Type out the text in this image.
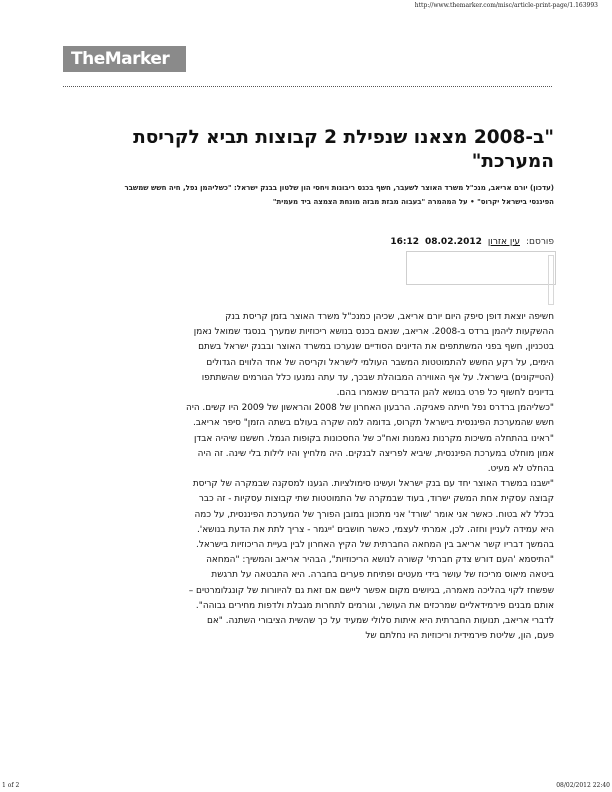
http://www.themarker.com/misc/article-print-page/1.163993
The Marker
"ב-2008 מצאנו שנפילת 2 קבוצות תביא לקריסת המערכת"
(עדכון) יורם אריאב, מנכ"ל משרד האוצר לשעבר, חשף בכנס ריבונות ויחסי הון שלטון בבנק ישראל: "כשליהמן נפל, חיה חשש שמשבר הפיננסי בישראל יקרוס" • על המהמרה "בעבוה מבזת מבזה מונחת הצמצה ביד מעמית"
פורסם:
עין אזרון
08.02.2012
16:12

חשיפה יוצאת דופן סיפק היום יורם אריאב, שכיהן כמנכ"ל משרד האוצר בזמן קריסת בנק ההשקעות ליהמן ברדס ב-2008. אריאב, שנאם בכנס בנושא ריכוזיות שמערך בנסגד שמואל נאמן בטכניון, חשף בפני המשתתפים את הדיונים הסודיים שנערכו במשרד האוצר ובבנק ישראל בשתם הימים, על רקע החשש להתמוטטות המשבר העולמי לישראל וקריסה של אחד הלווים הגדולים (הטייקונים) בישראל. על אף האווירה המבוהלת שבכך, עד עתה נמנעו כלל הגורמים שהשתתפו בדיונים לחשוף כל פרט בנושא להגן הדברים שנאמרו בהם.

"כשליהמן ברדרס נפל חייתה פאניקה. הרבעון האחרון של 2008 והראשון של 2009 היו קשים. היה חשש שהמערכת הפיננסית בישראל תקרוס, בדומה למה שקרה בעולם בשתה הזמן" סיפר אריאב. "ראינו בהתחלה משיכות מקרנות נאמנות ואח"כ של החסכונות בקופות הגמל. חששנו שיהיה אבדן אמון מוחלט במערכת הפיננסית, שיביא לפריצה לבנקים. היה מלחיץ והיו לילות בלי שינה. זה היה בהחלט לא מעיט.

"ישבנו במשרד האוצר יחד עם בנק ישראל ועשינו סימולציות. הגענו למסקנה שבמקרה של קריסת קבוצה עסקית אחת המשק ישרוד, בעוד שבמקרה של התמוטטות שתי קבוצות עסקיות - זה כבר בכלל לא בטוח. כאשר אני אומר 'שורד' אני מתכוון במובן הפורך של המערכת הפיננסית, על כמה היא עמידה לעניין וחזה. לכן, אמרתי לעצמי, כאשר חושבים 'ייגמר - צריך לתת את הדעת בנושא'.

בהמשך דבריו קשר אריאב בין המחאה החברתית של הקיץ האחרון לבין בעיית הריכוזיות בישראל. "התיסמא 'העם דורש צדק חברתי' קשורה לנושא הריכוזיות", הבהיר אריאב והמשיך: "המחאה ביטאה מיאוס מריכוז של עושר בידי מעטים ופתיחת פערים בחברה. היא התבטאה על תרגשת שפשחז לקוי בהליכה מאמרה, בגיושים מקום אפשר ליישם אם זאת גם להיוורות של קונגלומרטים – אותם מבנים פירמידאליים שמרכזים את העושר, וגורמים לתחרות מגבלת ולדפות מחירים גבוהה".

לדברי אריאב, תנועות החברתית היא איתות סלולי שמעיד על כך שהשית הציבורי השתנה. "אם פעם, הון, שליטת פירמידית וריכוזיות היו נחלתם של

1 of 2	08/02/2012 22:40
